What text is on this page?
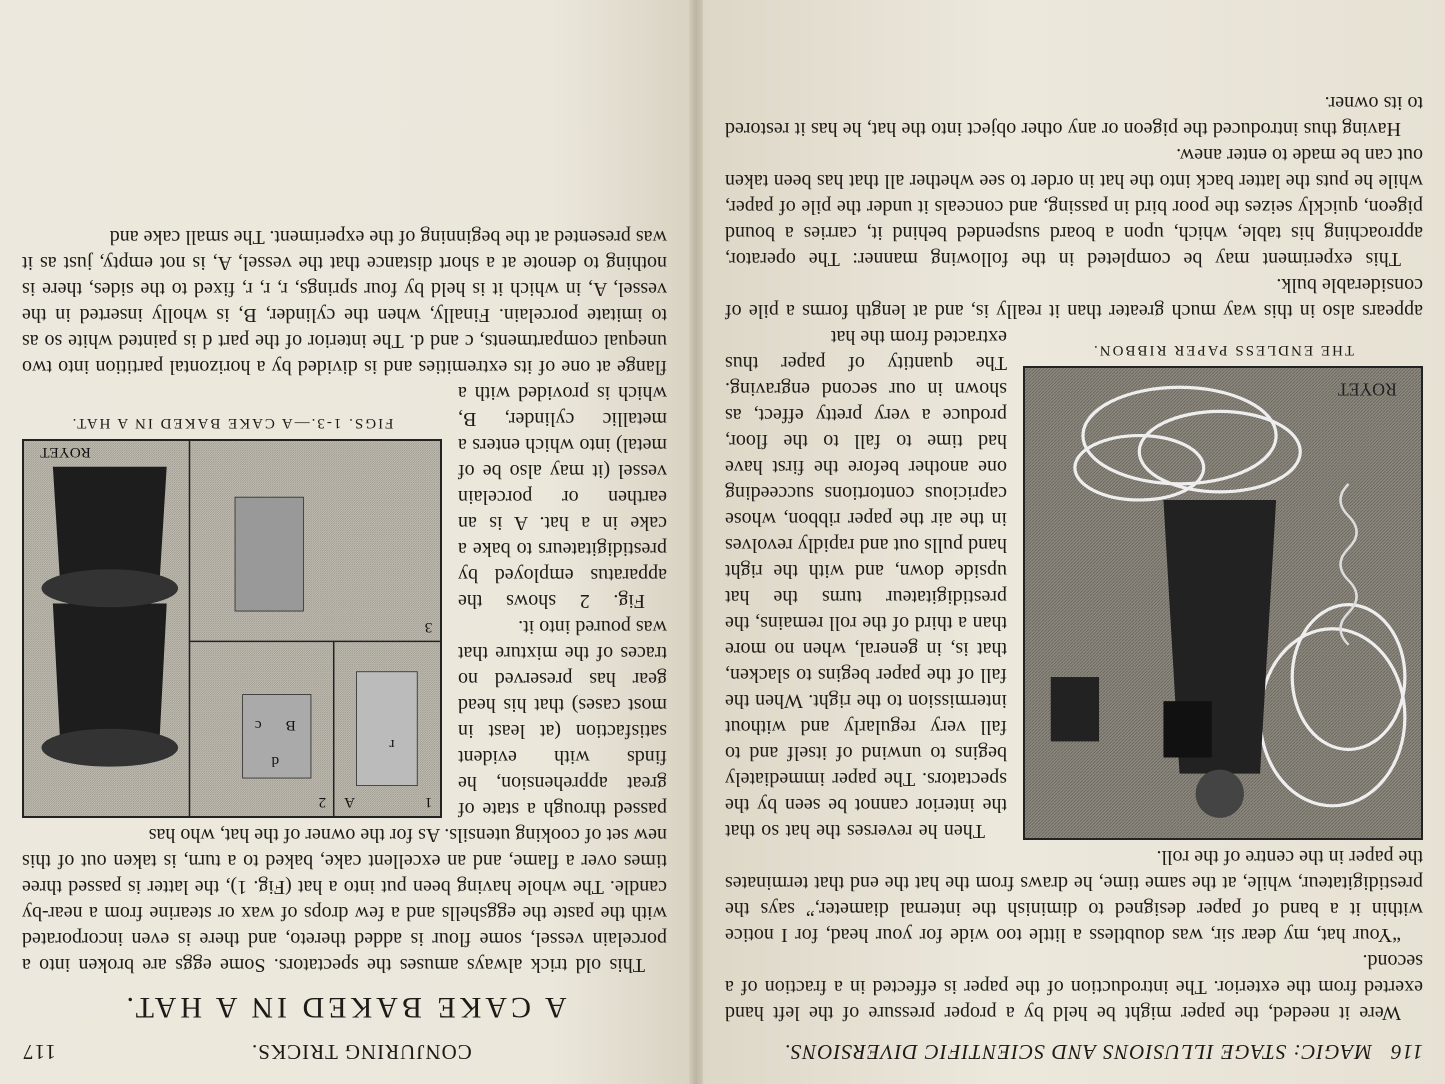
116
MAGIC: STAGE ILLUSIONS AND SCIENTIFIC DIVERSIONS.

Were it needed, the paper might be held by a proper pressure of the left hand exerted from the exterior. The introduction of the paper is effected in a fraction of a second.

“Your hat, my dear sir, was doubtless a little too wide for your head, for I notice within it a band of paper designed to diminish the internal diameter,” says the prestidigitateur, while, at the same time, he draws from the hat the end that terminates the paper in the centre of the roll.

ROYET
THE ENDLESS PAPER RIBBON.

Then he reverses the hat so that the interior cannot be seen by the spectators. The paper immediately begins to unwind of itself and to fall very regularly and without intermission to the right. When the fall of the paper begins to slacken, that is, in general, when no more than a third of the roll remains, the prestidigitateur turns the hat upside down, and with the right hand pulls out and rapidly revolves in the air the paper ribbon, whose capricious contortions succeeding one another before the first have had time to fall to the floor, produce a very pretty effect, as shown in our second engraving. The quantity of paper thus extracted from the hat

appears also in this way much greater than it really is, and at length forms a pile of considerable bulk.

This experiment may be completed in the following manner: The operator, approaching his table, which, upon a board suspended behind it, carries a bound pigeon, quickly seizes the poor bird in passing, and conceals it under the pile of paper, while he puts the latter back into the hat in order to see whether all that has been taken out can be made to enter anew.

Having thus introduced the pigeon or any other object into the hat, he has it restored to its owner.

CONJURING TRICKS.
117
A CAKE BAKED IN A HAT.

This old trick always amuses the spectators. Some eggs are broken into a porcelain vessel, some flour is added thereto, and there is even incorporated with the paste the eggshells and a few drops of wax or stearine from a near-by candle. The whole having been put into a hat (Fig. 1), the latter is passed three times over a flame, and an excellent cake, baked to a turn, is taken out of this new set of cooking utensils. As for the owner of the hat, who has

1
2 A
3
B
c
d
r
ROYET
FIGS. 1-3.—A CAKE BAKED IN A HAT.

passed through a state of great apprehension, he finds with evident satisfaction (at least in most cases) that his head gear has preserved no traces of the mixture that was poured into it.

Fig. 2 shows the apparatus employed by prestidigitateurs to bake a cake in a hat. A is an earthen or porcelain vessel (it may also be of metal) into which enters a metallic cylinder, B, which is provided with a flange at one of its extremities and is divided by a horizontal partition into two unequal compartments, c and d. The interior of the part d is painted white so as to imitate porcelain. Finally, when the cylinder, B, is wholly inserted in the vessel, A, in which it is held by four springs, r, r, r, fixed to the sides, there is nothing to denote at a short distance that the vessel, A, is not empty, just as it was presented at the beginning of the experiment. The small cake and
